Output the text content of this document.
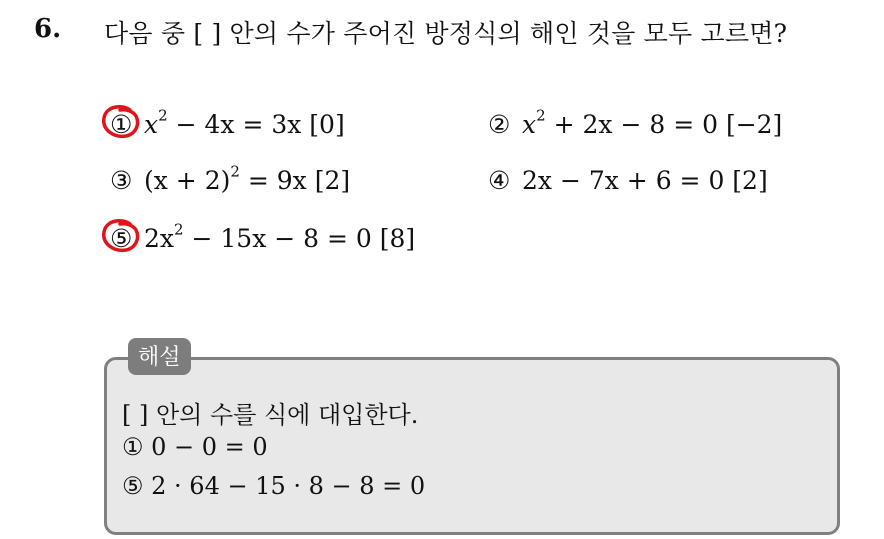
6. 다음 중 [ ] 안의 수가 주어진 방정식의 해인 것을 모두 고르면?
① $x^2 - 4x = 3x$ [0]	② $x^2 + 2x - 8 = 0$ [−2]
③ $(x + 2)^2 = 9x$ [2]	④ 2x − 7x + 6 = 0 [2]
⑤ $2x^2 - 15x - 8 = 0$ [8]
해설
[ ] 안의 수를 식에 대입한다.
① 0 − 0 = 0
⑤ 2 · 64 − 15 · 8 − 8 = 0
